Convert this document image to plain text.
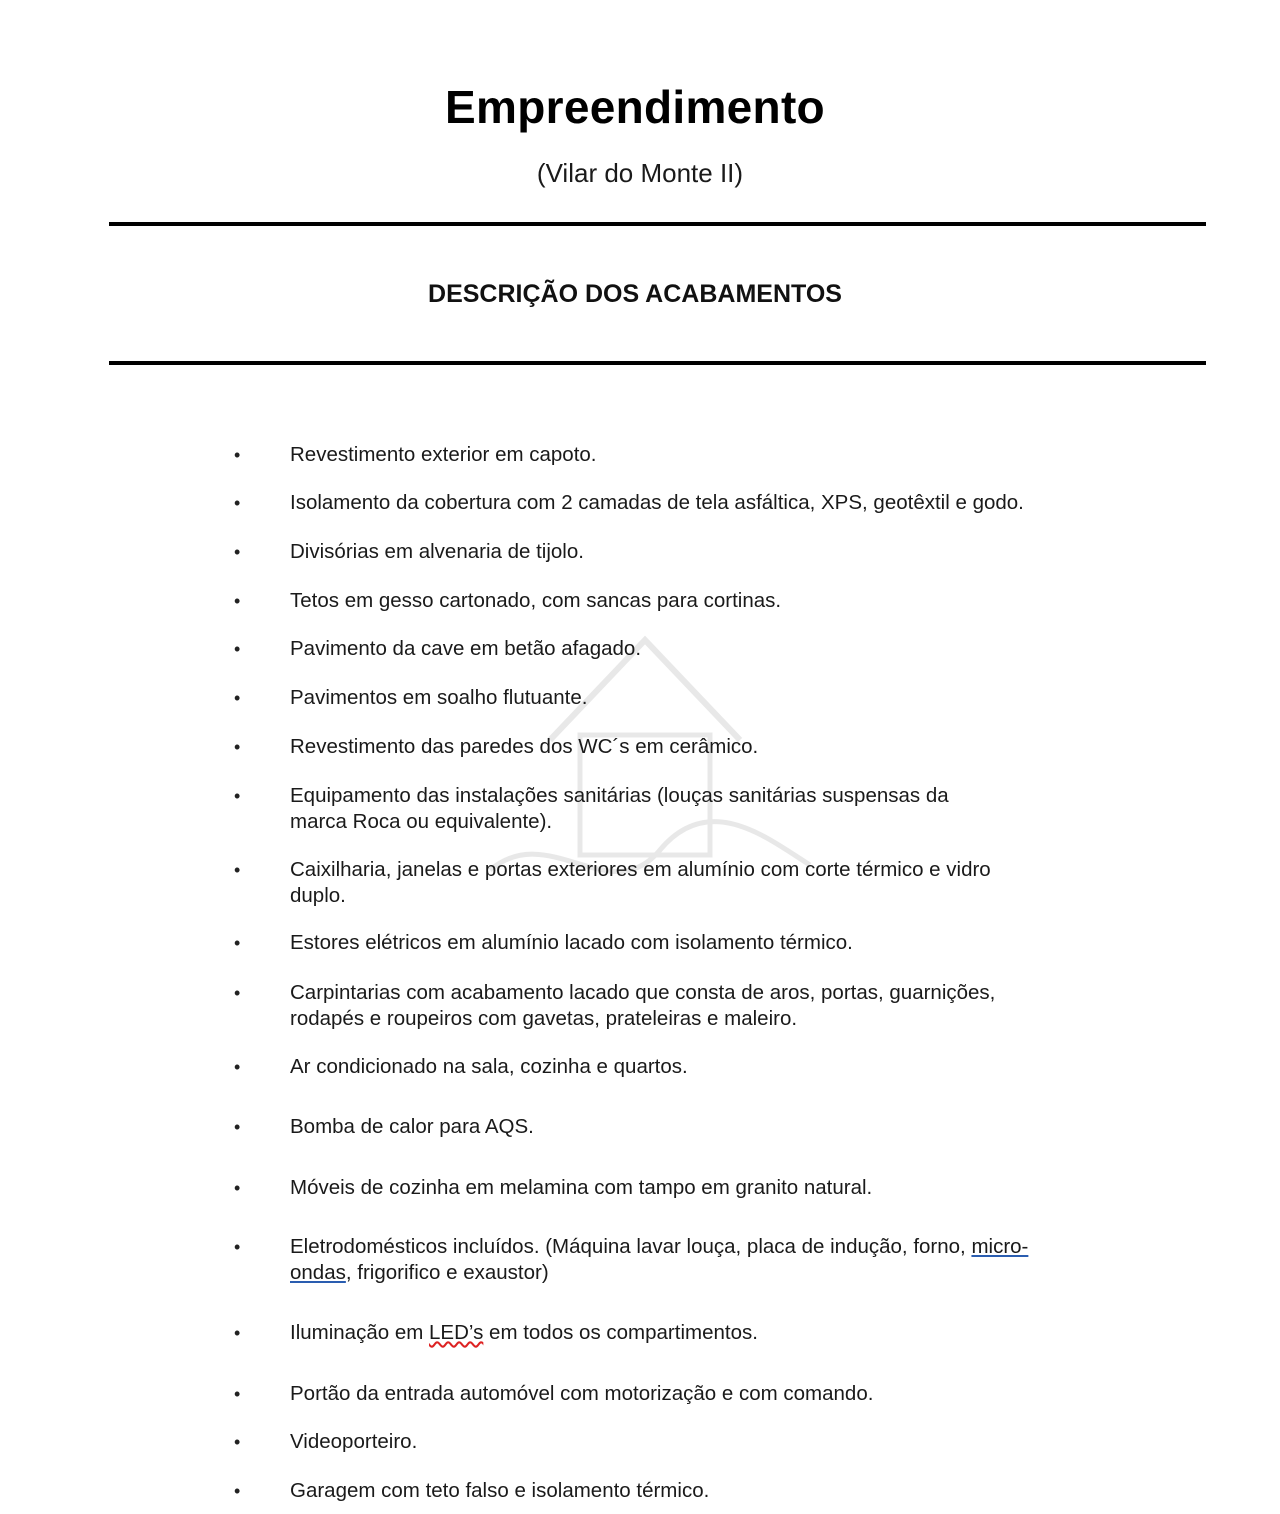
Empreendimento
(Vilar do Monte II)
DESCRIÇÃO DOS ACABAMENTOS
• Revestimento exterior em capoto.
• Isolamento da cobertura com 2 camadas de tela asfáltica, XPS, geotêxtil e godo.
• Divisórias em alvenaria de tijolo.
• Tetos em gesso cartonado, com sancas para cortinas.
• Pavimento da cave em betão afagado.
• Pavimentos em soalho flutuante.
• Revestimento das paredes dos WC´s em cerâmico.
• Equipamento das instalações sanitárias (louças sanitárias suspensas da
marca Roca ou equivalente).
• Caixilharia, janelas e portas exteriores em alumínio com corte térmico e vidro
duplo.
• Estores elétricos em alumínio lacado com isolamento térmico.
• Carpintarias com acabamento lacado que consta de aros, portas, guarnições,
rodapés e roupeiros com gavetas, prateleiras e maleiro.
• Ar condicionado na sala, cozinha e quartos.
• Bomba de calor para AQS.
• Móveis de cozinha em melamina com tampo em granito natural.
• Eletrodomésticos incluídos. (Máquina lavar louça, placa de indução, forno, micro-
ondas, frigorifico e exaustor)
• Iluminação em LED’s em todos os compartimentos.
• Portão da entrada automóvel com motorização e com comando.
• Videoporteiro.
• Garagem com teto falso e isolamento térmico.
